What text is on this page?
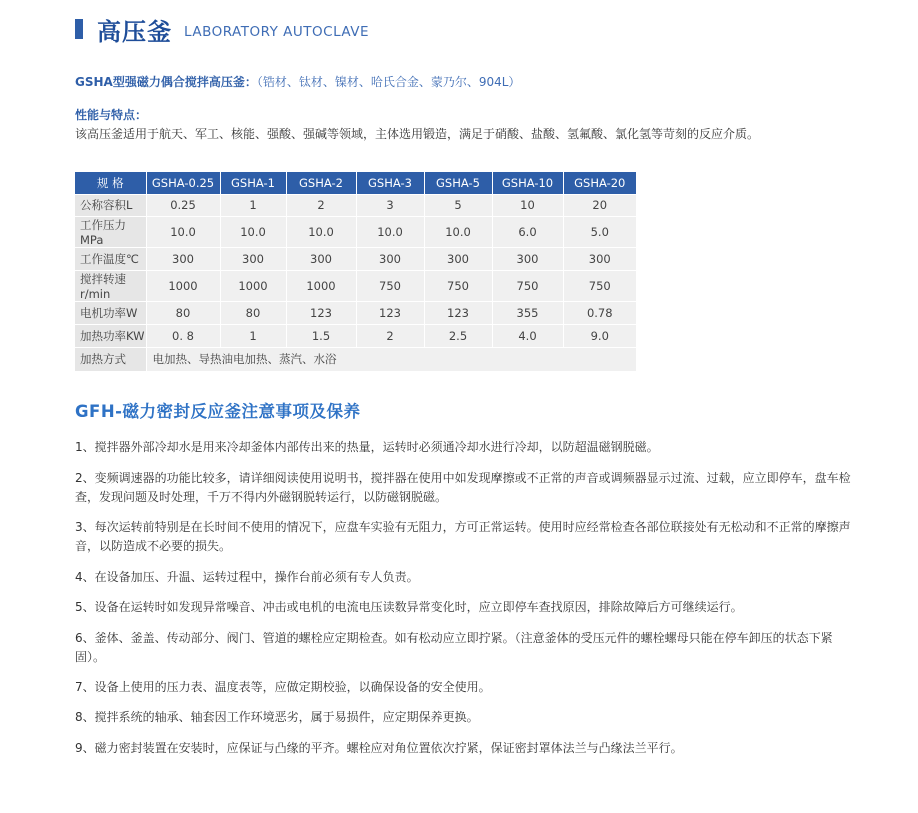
高压釜 LABORATORY AUTOCLAVE
GSHA型强磁力偶合搅拌高压釜：（锆材、钛材、镍材、哈氏合金、蒙乃尔、904L）
性能与特点：
该高压釜适用于航天、军工、核能、强酸、强碱等领域，主体选用锻造，满足于硝酸、盐酸、氢氟酸、氯化氢等苛刻的反应介质。
规 格	GSHA-0.25	GSHA-1	GSHA-2	GSHA-3	GSHA-5	GSHA-10	GSHA-20
公称容积L	0.25	1	2	3	5	10	20
工作压力MPa	10.0	10.0	10.0	10.0	10.0	6.0	5.0
工作温度℃	300	300	300	300	300	300	300
搅拌转速r/min	1000	1000	1000	750	750	750	750
电机功率W	80	80	123	123	123	355	0.78
加热功率KW	0. 8	1	1.5	2	2.5	4.0	9.0
加热方式	电加热、导热油电加热、蒸汽、水浴						
GFH-磁力密封反应釜注意事项及保养
1、搅拌器外部冷却水是用来冷却釜体内部传出来的热量，运转时必须通冷却水进行冷却，以防超温磁钢脱磁。
2、变频调速器的功能比较多，请详细阅读使用说明书，搅拌器在使用中如发现摩擦或不正常的声音或调频器显示过流、过载，应立即停车，盘车检查，发现问题及时处理，千万不得内外磁钢脱转运行，以防磁钢脱磁。
3、每次运转前特别是在长时间不使用的情况下，应盘车实验有无阻力，方可正常运转。使用时应经常检查各部位联接处有无松动和不正常的摩擦声音，以防造成不必要的损失。
4、在设备加压、升温、运转过程中，操作台前必须有专人负责。
5、设备在运转时如发现异常噪音、冲击或电机的电流电压读数异常变化时，应立即停车查找原因，排除故障后方可继续运行。
6、釜体、釜盖、传动部分、阀门、管道的螺栓应定期检查。如有松动应立即拧紧。（注意釜体的受压元件的螺栓螺母只能在停车卸压的状态下紧固）。
7、设备上使用的压力表、温度表等，应做定期校验，以确保设备的安全使用。
8、搅拌系统的轴承、轴套因工作环境恶劣，属于易损件，应定期保养更换。
9、磁力密封装置在安装时，应保证与凸缘的平齐。螺栓应对角位置依次拧紧，保证密封罩体法兰与凸缘法兰平行。
